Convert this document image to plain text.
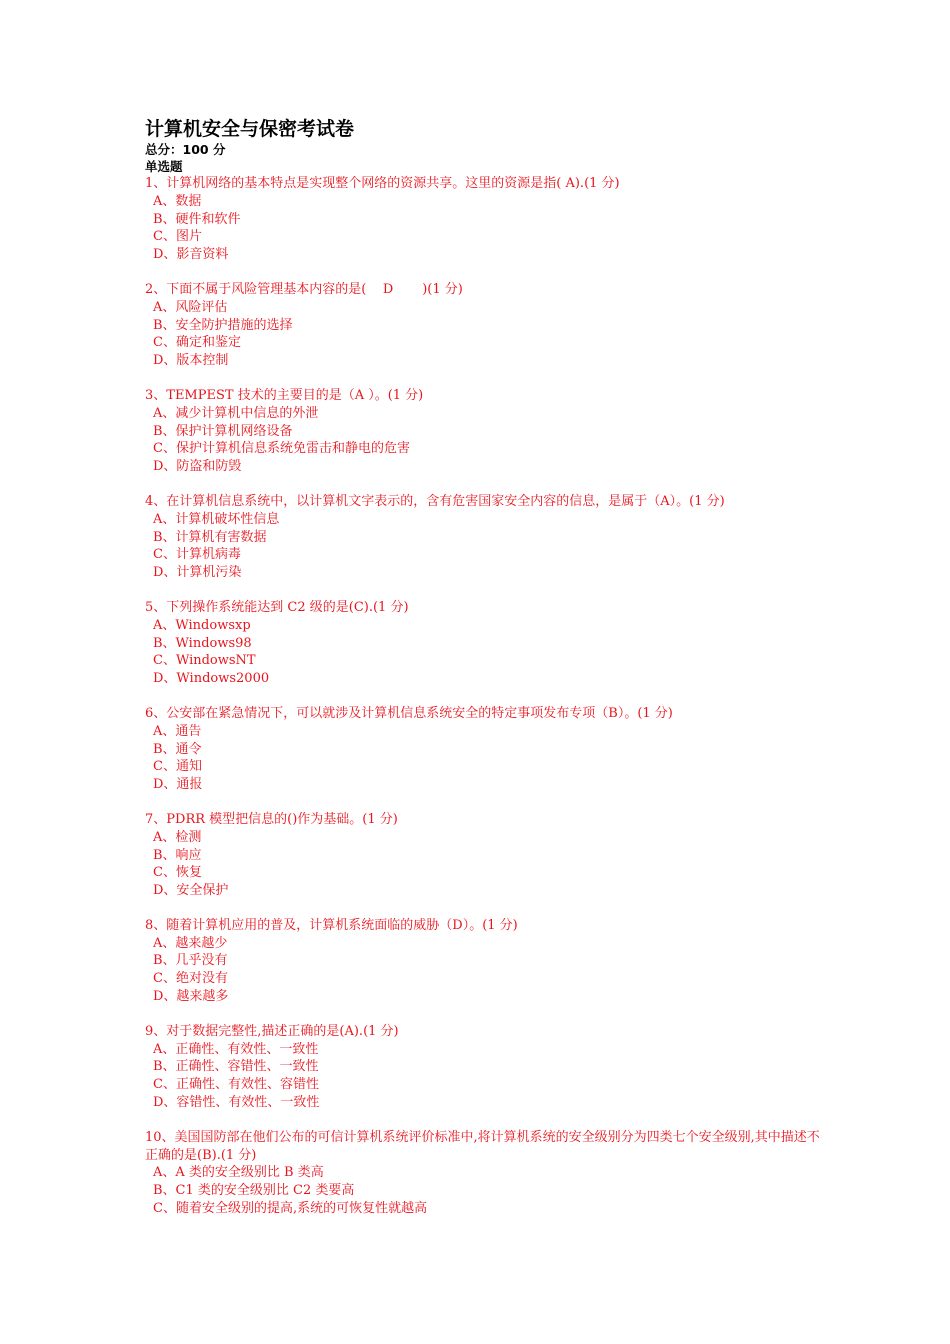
计算机安全与保密考试卷
总分：100 分
单选题
1、计算机网络的基本特点是实现整个网络的资源共享。这里的资源是指( A).(1 分)
A、数据
B、硬件和软件
C、图片
D、影音资料
2、下面不属于风险管理基本内容的是(    D       )(1 分)
A、风险评估
B、安全防护措施的选择
C、确定和鉴定
D、版本控制
3、TEMPEST 技术的主要目的是（A ）。(1 分)
A、减少计算机中信息的外泄
B、保护计算机网络设备
C、保护计算机信息系统免雷击和静电的危害
D、防盗和防毁
4、在计算机信息系统中，以计算机文字表示的，含有危害国家安全内容的信息，是属于（A）。(1 分)
A、计算机破坏性信息
B、计算机有害数据
C、计算机病毒
D、计算机污染
5、下列操作系统能达到 C2 级的是(C).(1 分)
A、Windowsxp
B、Windows98
C、WindowsNT
D、Windows2000
6、公安部在紧急情况下，可以就涉及计算机信息系统安全的特定事项发布专项（B）。(1 分)
A、通告
B、通令
C、通知
D、通报
7、PDRR 模型把信息的()作为基础。(1 分)
A、检测
B、响应
C、恢复
D、安全保护
8、随着计算机应用的普及，计算机系统面临的威胁（D）。(1 分)
A、越来越少
B、几乎没有
C、绝对没有
D、越来越多
9、对于数据完整性,描述正确的是(A).(1 分)
A、正确性、有效性、一致性
B、正确性、容错性、一致性
C、正确性、有效性、容错性
D、容错性、有效性、一致性
10、美国国防部在他们公布的可信计算机系统评价标准中,将计算机系统的安全级别分为四类七个安全级别,其中描述不正确的是(B).(1 分)
A、A 类的安全级别比 B 类高
B、C1 类的安全级别比 C2 类要高
C、随着安全级别的提高,系统的可恢复性就越高
